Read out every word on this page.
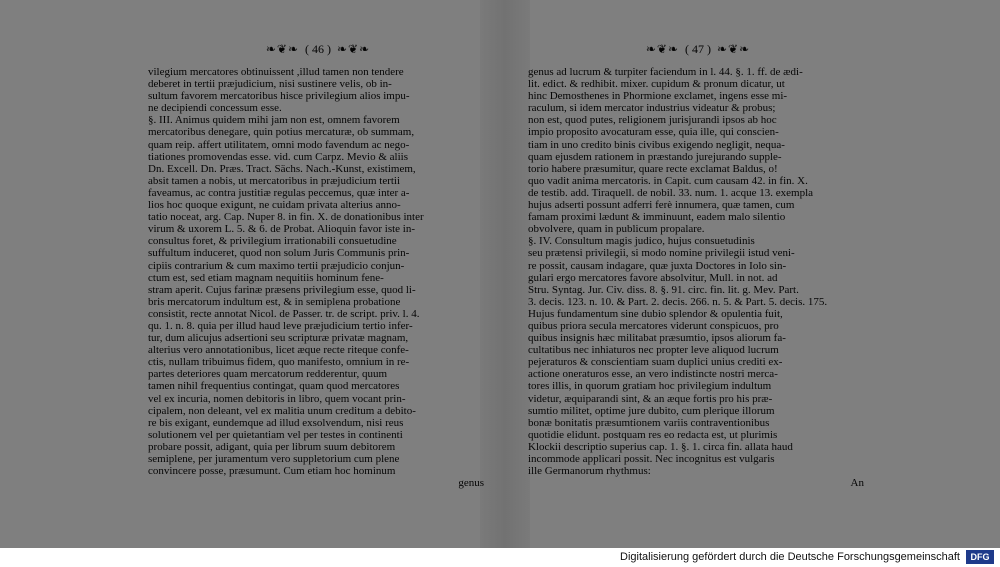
❧❦❧ ( 46 ) ❧❦❧
vilegium mercatores obtinuissent ,illud tamen non tendere
deberet in tertii præjudicium, nisi sustinere velis, ob in-
sultum favorem mercatoribus hisce privilegium alios impu-
ne decipiendi concessum esse.
§. III. Animus quidem mihi jam non est, omnem favorem
mercatoribus denegare, quin potius mercaturæ, ob summam,
quam reip. affert utilitatem, omni modo favendum ac nego-
tiationes promovendas esse. vid. cum Carpz. Mevio & aliis
Dn. Excell. Dn. Præs. Tract. Sächs. Nach.-Kunst, existimem,
absit tamen a nobis, ut mercatoribus in præjudicium tertii
faveamus, ac contra justitiæ regulas peccemus, quæ inter a-
lios hoc quoque exigunt, ne cuidam privata alterius anno-
tatio noceat, arg. Cap. Nuper 8. in fin. X. de donationibus inter
virum & uxorem L. 5. & 6. de Probat. Alioquin favor iste in-
consultus foret, & privilegium irrationabili consuetudine
suffultum induceret, quod non solum Juris Communis prin-
cipiis contrarium & cum maximo tertii præjudicio conjun-
ctum est, sed etiam magnam nequitiis hominum fene-
stram aperit. Cujus farinæ præsens privilegium esse, quod li-
bris mercatorum indultum est, & in semiplena probatione
consistit, recte annotat Nicol. de Passer. tr. de script. priv. l. 4.
qu. 1. n. 8. quia per illud haud leve præjudicium tertio infer-
tur, dum alicujus adsertioni seu scripturæ privatæ magnam,
alterius vero annotationibus, licet æque recte riteque confe-
ctis, nullam tribuimus fidem, quo manifesto, omnium in re-
partes deteriores quam mercatorum redderentur, quum
tamen nihil frequentius contingat, quam quod mercatores
vel ex incuria, nomen debitoris in libro, quem vocant prin-
cipalem, non deleant, vel ex malitia unum creditum a debito-
re bis exigant, eundemque ad illud exsolvendum, nisi reus
solutionem vel per quietantiam vel per testes in continenti
probare possit, adigant, quia per librum suum debitorem
semiplene, per juramentum vero suppletorium cum plene
convincere posse, præsumunt. Cum etiam hoc hominum
genus
❧❦❧ ( 47 ) ❧❦❧
genus ad lucrum & turpiter faciendum in l. 44. §. 1. ff. de ædi-
lit. edict. & redhibit. mixer. cupidum & pronum dicatur, ut
hinc Demosthenes in Phormione exclamet, ingens esse mi-
raculum, si idem mercator industrius videatur & probus;
non est, quod putes, religionem jurisjurandi ipsos ab hoc
impio proposito avocaturam esse, quia ille, qui conscien-
tiam in uno credito binis civibus exigendo negligit, nequa-
quam ejusdem rationem in præstando jurejurando supple-
torio habere præsumitur, quare recte exclamat Baldus, o!
quo vadit anima mercatoris. in Capit. cum causam 42. in fin. X.
de testib. add. Tiraquell. de nobil. 33. num. 1. acque 13. exempla
hujus adserti possunt adferri ferè innumera, quæ tamen, cum
famam proximi lædunt & imminuunt, eadem malo silentio
obvolvere, quam in publicum propalare.
§. IV. Consultum magis judico, hujus consuetudinis
seu prætensi privilegii, si modo nomine privilegii istud veni-
re possit, causam indagare, quæ juxta Doctores in Iolo sin-
gulari ergo mercatores favore absolvitur, Mull. in not. ad
Stru. Syntag. Jur. Civ. diss. 8. §. 91. circ. fin. lit. g. Mev. Part.
3. decis. 123. n. 10. & Part. 2. decis. 266. n. 5. & Part. 5. decis. 175.
Hujus fundamentum sine dubio splendor & opulentia fuit,
quibus priora secula mercatores viderunt conspicuos, pro
quibus insignis hæc militabat præsumtio, ipsos aliorum fa-
cultatibus nec inhiaturos nec propter leve aliquod lucrum
pejeraturos & conscientiam suam duplici unius crediti ex-
actione oneraturos esse, an vero indistincte nostri merca-
tores illis, in quorum gratiam hoc privilegium indultum
videtur, æquiparandi sint, & an æque fortis pro his præ-
sumtio militet, optime jure dubito, cum plerique illorum
bonæ bonitatis præsumtionem variis contraventionibus
quotidie elidunt. postquam res eo redacta est, ut plurimis
Klockii descriptio superius cap. 1. §. 1. circa fin. allata haud
incommode applicari possit. Nec incognitus est vulgaris
ille Germanorum rhythmus:
An
Digitalisierung gefördert durch die Deutsche Forschungsgemeinschaft	DFG
